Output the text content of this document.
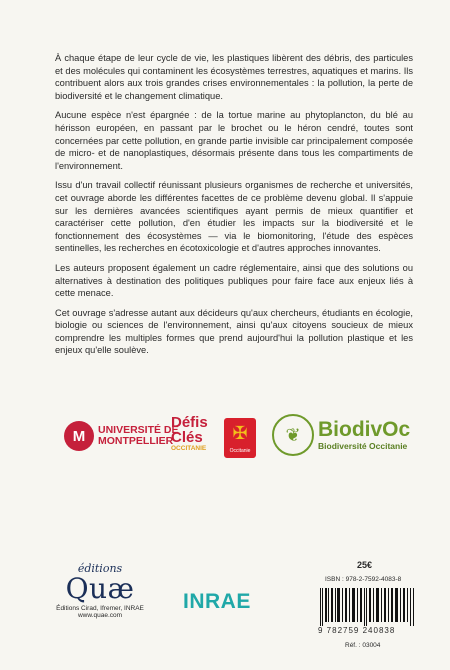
À chaque étape de leur cycle de vie, les plastiques libèrent des débris, des particules et des molécules qui contaminent les écosystèmes terrestres, aquatiques et marins. Ils contribuent alors aux trois grandes crises environnementales : la pollution, la perte de biodiversité et le changement climatique.

Aucune espèce n'est épargnée : de la tortue marine au phytoplancton, du blé au hérisson européen, en passant par le brochet ou le héron cendré, toutes sont concernées par cette pollution, en grande partie invisible car principalement composée de micro- et de nanoplastiques, désormais présente dans tous les compartiments de l'environnement.

Issu d'un travail collectif réunissant plusieurs organismes de recherche et universités, cet ouvrage aborde les différentes facettes de ce problème devenu global. Il s'appuie sur les dernières avancées scientifiques ayant permis de mieux quantifier et caractériser cette pollution, d'en étudier les impacts sur la biodiversité et le fonctionnement des écosystèmes — via le biomonitoring, l'étude des espèces sentinelles, les recherches en écotoxicologie et d'autres approches innovantes.

Les auteurs proposent également un cadre réglementaire, ainsi que des solutions ou alternatives à destination des politiques publiques pour faire face aux enjeux liés à cette menace.

Cet ouvrage s'adresse autant aux décideurs qu'aux chercheurs, étudiants en écologie, biologie ou sciences de l'environnement, ainsi qu'aux citoyens soucieux de mieux comprendre les multiples formes que prend aujourd'hui la pollution plastique et les enjeux qu'elle soulève.

M	UNIVERSITÉ DE
MONTPELLIER
Défis
Clés
OCCITANIE
✠
Occitanie
❦ BiodivOc
Biodiversité Occitanie
éditions
Quæ
Éditions Cirad, Ifremer, INRAE
www.quae.com
INRAE
25€
ISBN : 978-2-7592-4083-8
9 782759 240838
Réf. : 03004
